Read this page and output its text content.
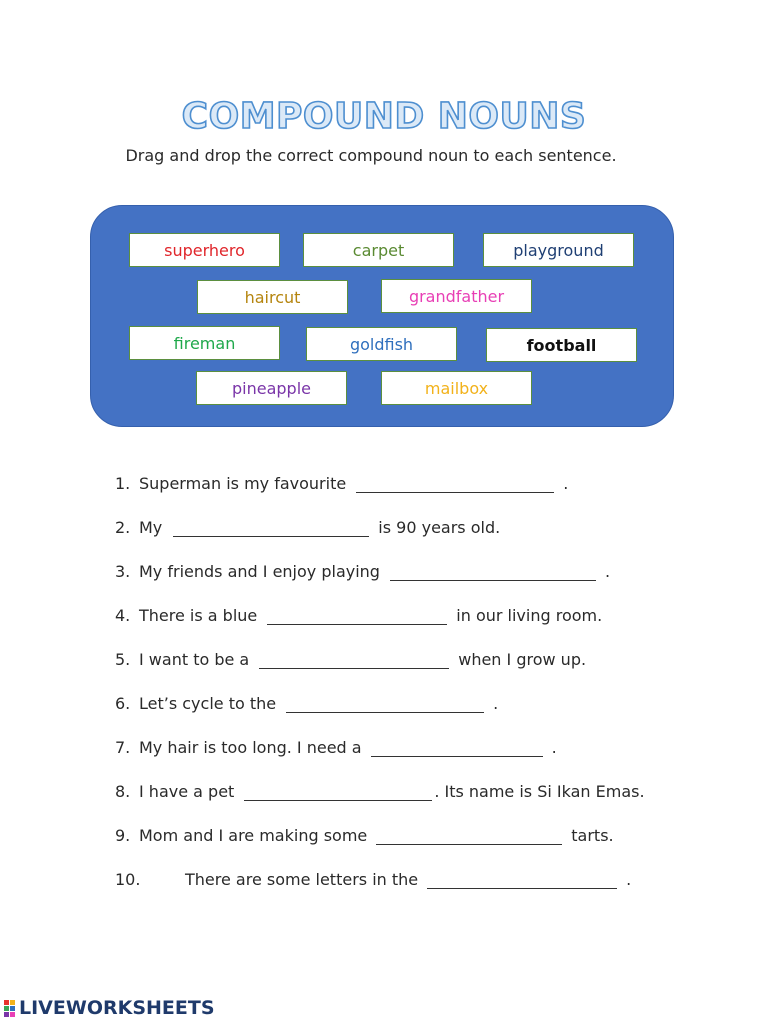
COMPOUND NOUNS
Drag and drop the correct compound noun to each sentence.
superhero	carpet	playground
haircut	grandfather
fireman	goldfish	football
pineapple	mailbox
1. Superman is my favourite	.
2. My	is 90 years old.
3. My friends and I enjoy playing	.
4. There is a blue	in our living room.
5. I want to be a	when I grow up.
6. Let’s cycle to the	.
7. My hair is too long. I need a	.
8. I have a pet	. Its name is Si Ikan Emas.
9. Mom and I are making some	tarts.
10.	There are some letters in the	.
LIVEWORKSHEETS
